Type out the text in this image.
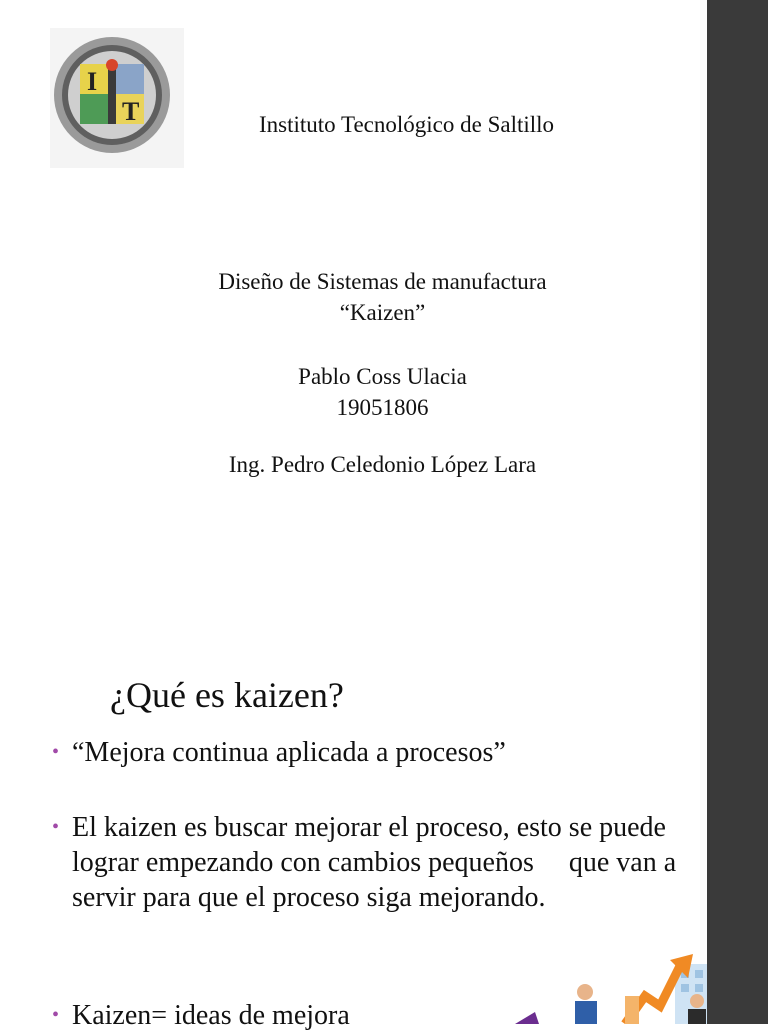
I
T	Instituto Tecnológico de Saltillo
Diseño de Sistemas de manufactura
“Kaizen”
Pablo Coss Ulacia
19051806
Ing. Pedro Celedonio López Lara
¿Qué es kaizen?
• “Mejora continua aplicada a procesos”
• El kaizen es buscar mejorar el proceso, esto se puede lograr empezando con cambios pequeños     que van a servir para que el proceso siga mejorando.
• Kaizen= ideas de mejora
